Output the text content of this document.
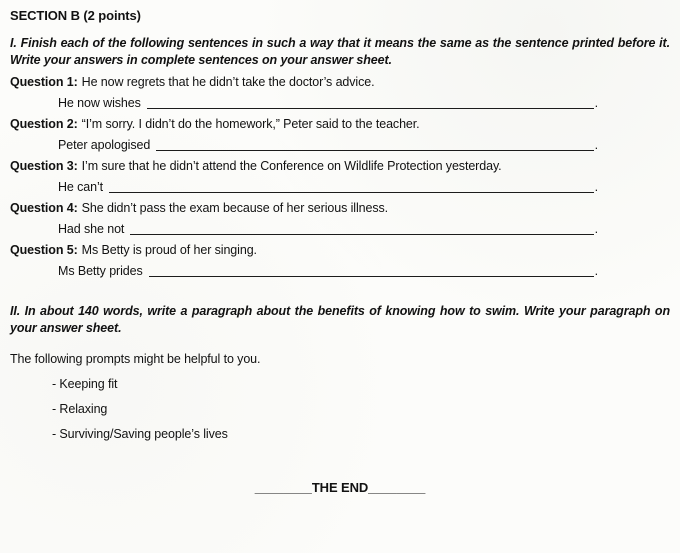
SECTION B (2 points)
I. Finish each of the following sentences in such a way that it means the same as the sentence printed before it. Write your answers in complete sentences on your answer sheet.
Question 1: He now regrets that he didn’t take the doctor’s advice.
He now wishes	.
Question 2: “I’m sorry. I didn’t do the homework,” Peter said to the teacher.
Peter apologised	.
Question 3: I’m sure that he didn’t attend the Conference on Wildlife Protection yesterday.
He can’t	.
Question 4: She didn’t pass the exam because of her serious illness.
Had she not	.
Question 5: Ms Betty is proud of her singing.
Ms Betty prides	.
II. In about 140 words, write a paragraph about the benefits of knowing how to swim. Write your paragraph on your answer sheet.
The following prompts might be helpful to you.
- Keeping fit
- Relaxing
- Surviving/Saving people’s lives
________THE END________
